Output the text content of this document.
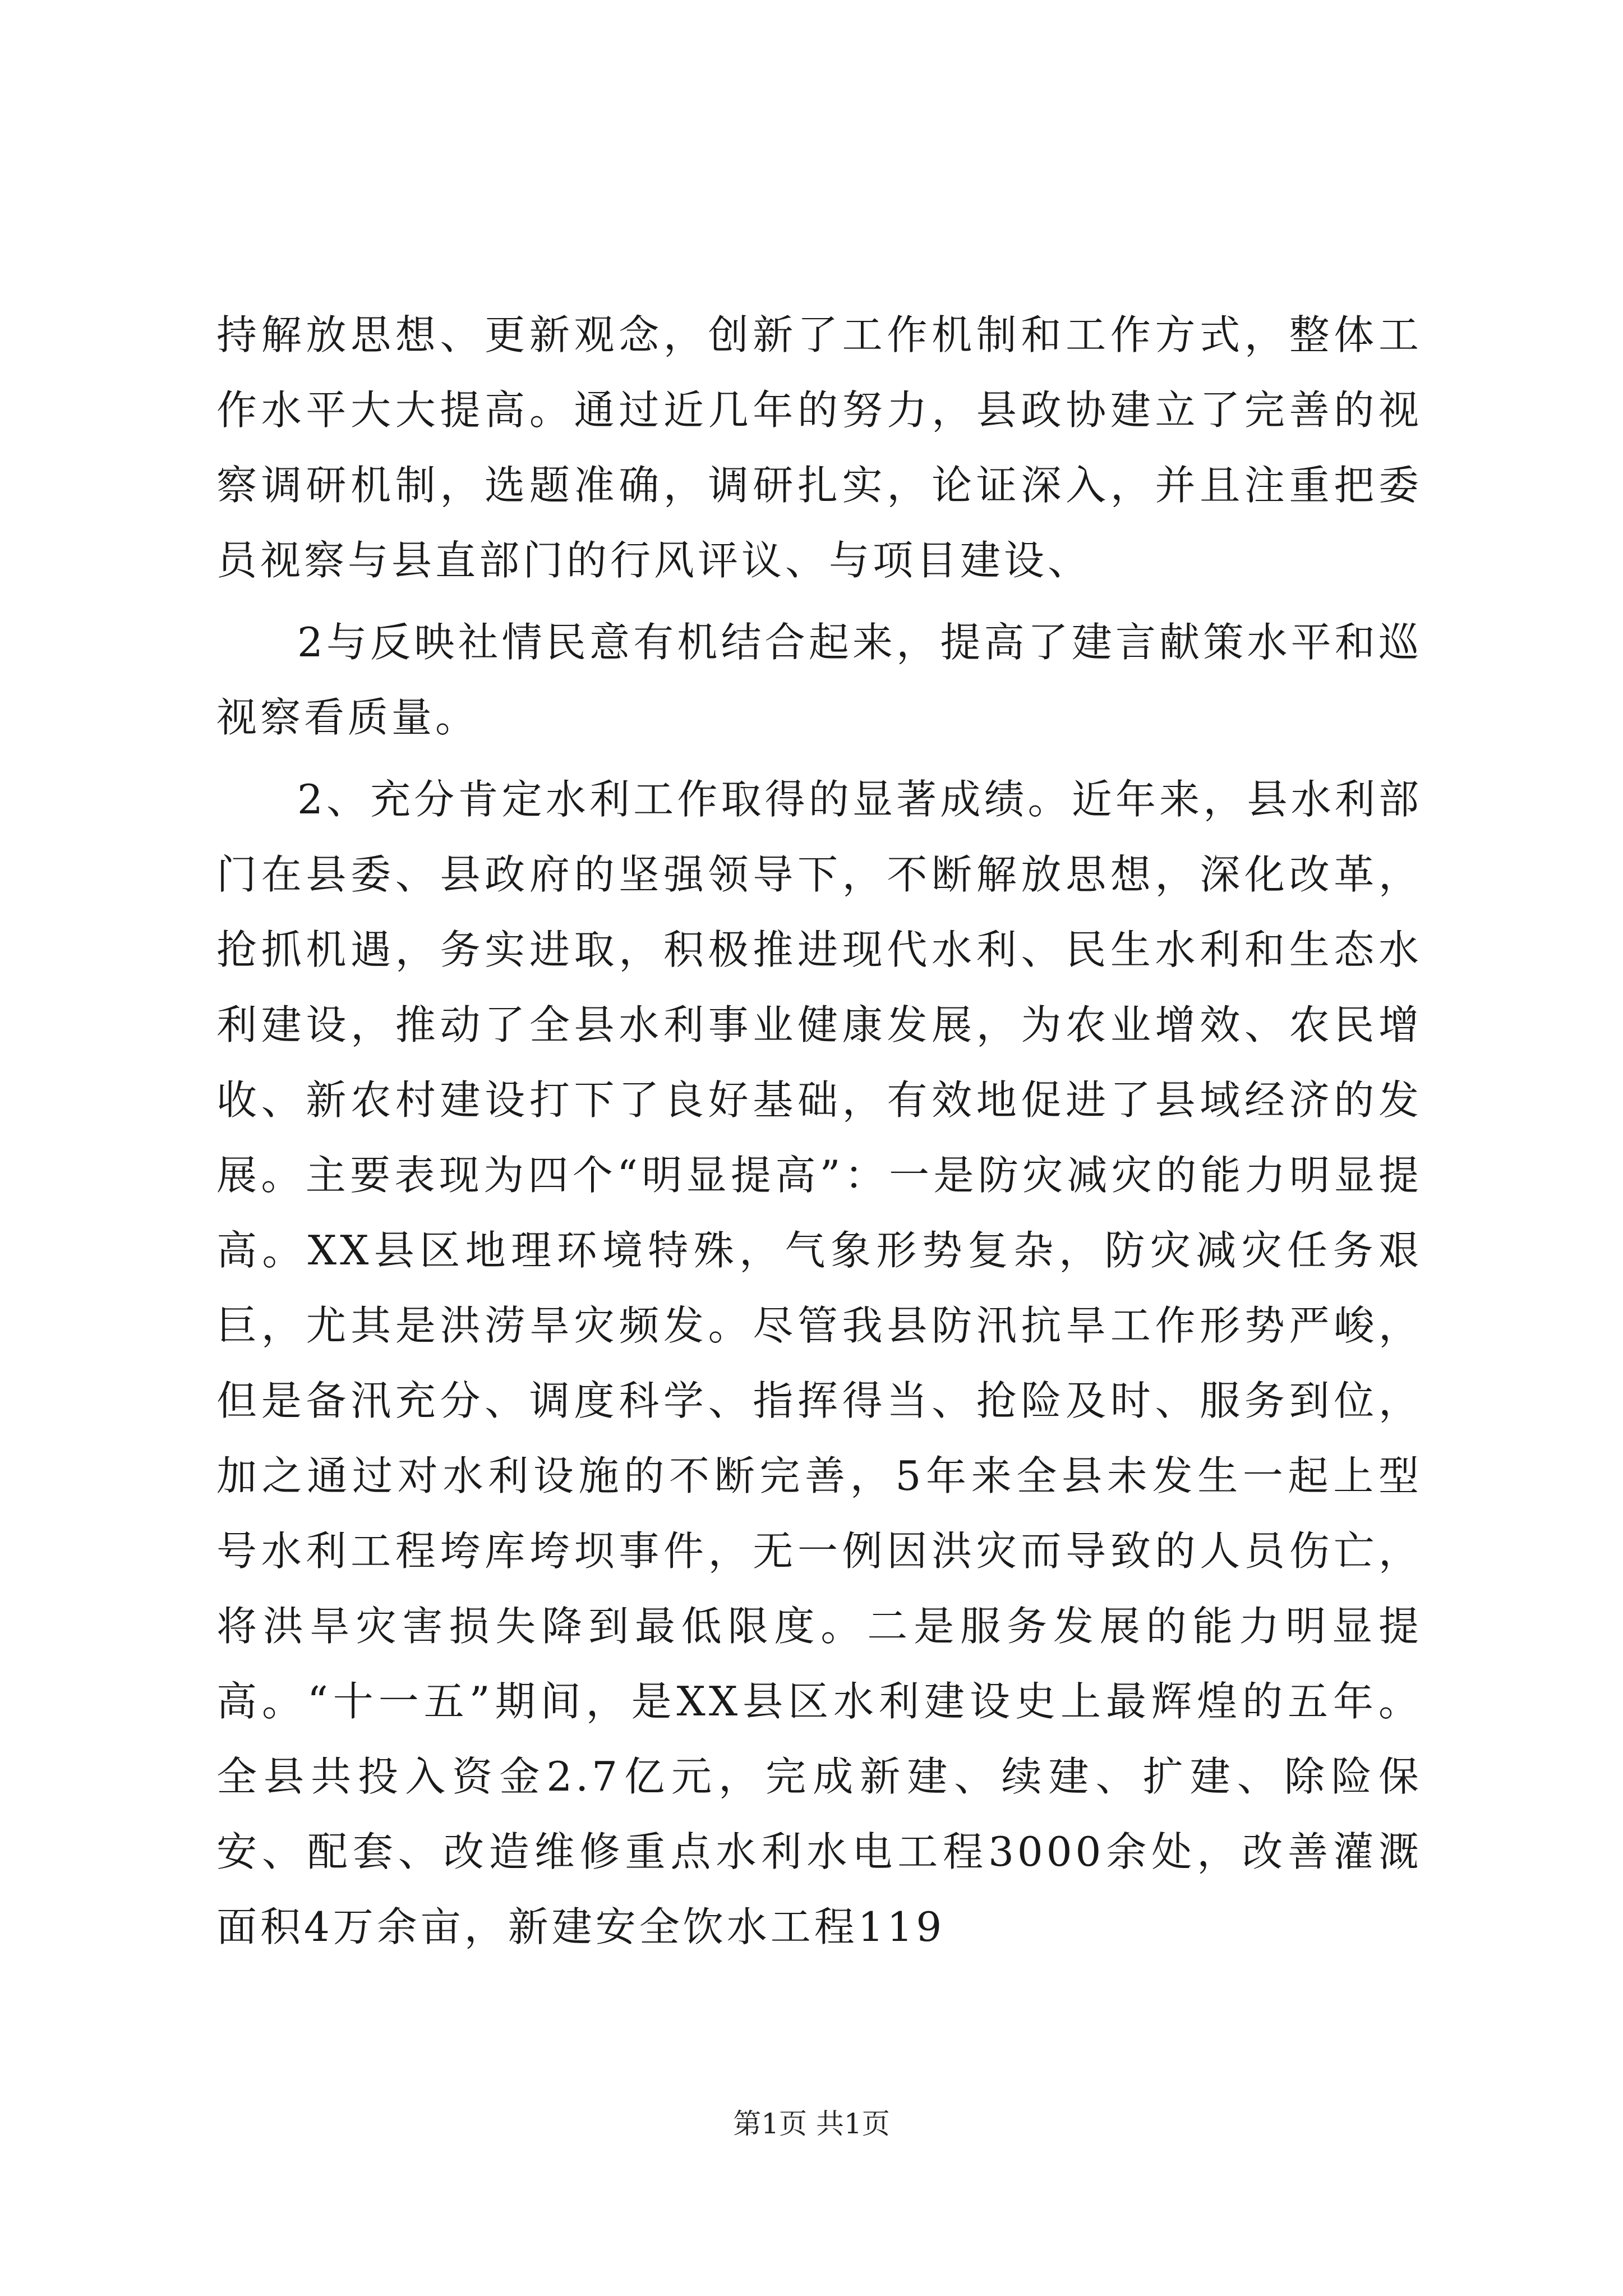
持解放思想、更新观念，创新了工作机制和工作方式，整体工作水平大大提高。通过近几年的努力，县政协建立了完善的视察调研机制，选题准确，调研扎实，论证深入，并且注重把委员视察与县直部门的行风评议、与项目建设、

2与反映社情民意有机结合起来，提高了建言献策水平和巡视察看质量。

2、充分肯定水利工作取得的显著成绩。近年来，县水利部门在县委、县政府的坚强领导下，不断解放思想，深化改革，抢抓机遇，务实进取，积极推进现代水利、民生水利和生态水利建设，推动了全县水利事业健康发展，为农业增效、农民增收、新农村建设打下了良好基础，有效地促进了县域经济的发展。主要表现为四个“明显提高”：一是防灾减灾的能力明显提高。XX县区地理环境特殊，气象形势复杂，防灾减灾任务艰巨，尤其是洪涝旱灾频发。尽管我县防汛抗旱工作形势严峻，但是备汛充分、调度科学、指挥得当、抢险及时、服务到位，加之通过对水利设施的不断完善，5年来全县未发生一起上型号水利工程垮库垮坝事件，无一例因洪灾而导致的人员伤亡，将洪旱灾害损失降到最低限度。二是服务发展的能力明显提高。“十一五”期间，是XX县区水利建设史上最辉煌的五年。全县共投入资金2.7亿元，完成新建、续建、扩建、除险保安、配套、改造维修重点水利水电工程3000余处，改善灌溉面积4万余亩，新建安全饮水工程119

第1页 共1页
